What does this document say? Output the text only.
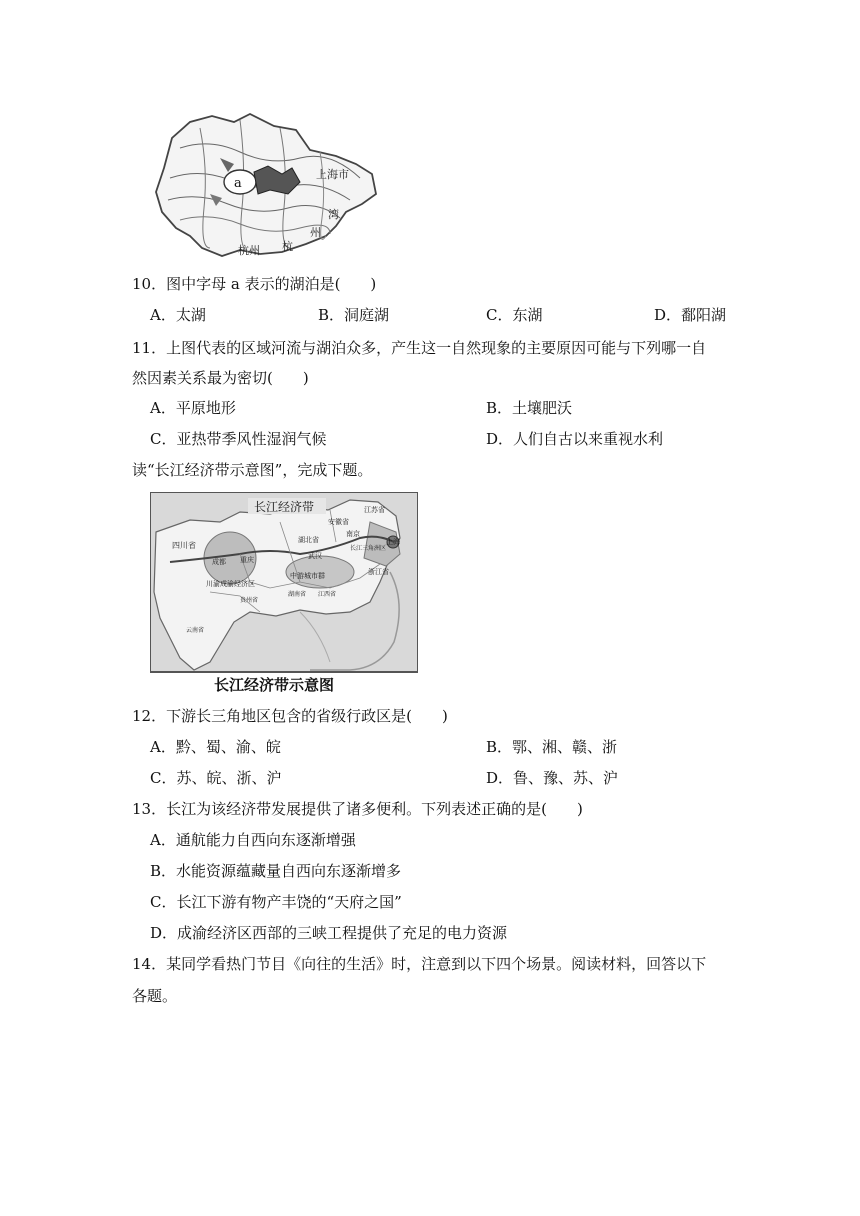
a
上海市
湾
州
杭州 杭
10．图中字母 a 表示的湖泊是(　　)
A．太湖	B．洞庭湖	C．东湖	D．鄱阳湖
11．上图代表的区域河流与湖泊众多，产生这一自然现象的主要原因可能与下列哪一自
然因素关系最为密切(　　)
A．平原地形	B．土壤肥沃
C．亚热带季风性湿润气候	D．人们自古以来重视水利
读“长江经济带示意图”，完成下题。
长江经济带	江苏省
安徽省
南京
上海
长江三角洲区
湖北省
武汉
浙江省
四川省
成都 重庆
川渝成渝经济区
中游城市群
贵州省
湖南省 江西省
云南省
长江经济带示意图
12．下游长三角地区包含的省级行政区是(　　)
A．黔、蜀、渝、皖	B．鄂、湘、赣、浙
C．苏、皖、浙、沪	D．鲁、豫、苏、沪
13．长江为该经济带发展提供了诸多便利。下列表述正确的是(　　)
A．通航能力自西向东逐渐增强
B．水能资源蕴藏量自西向东逐渐增多
C．长江下游有物产丰饶的“天府之国”
D．成渝经济区西部的三峡工程提供了充足的电力资源
14．某同学看热门节目《向往的生活》时，注意到以下四个场景。阅读材料，回答以下
各题。
